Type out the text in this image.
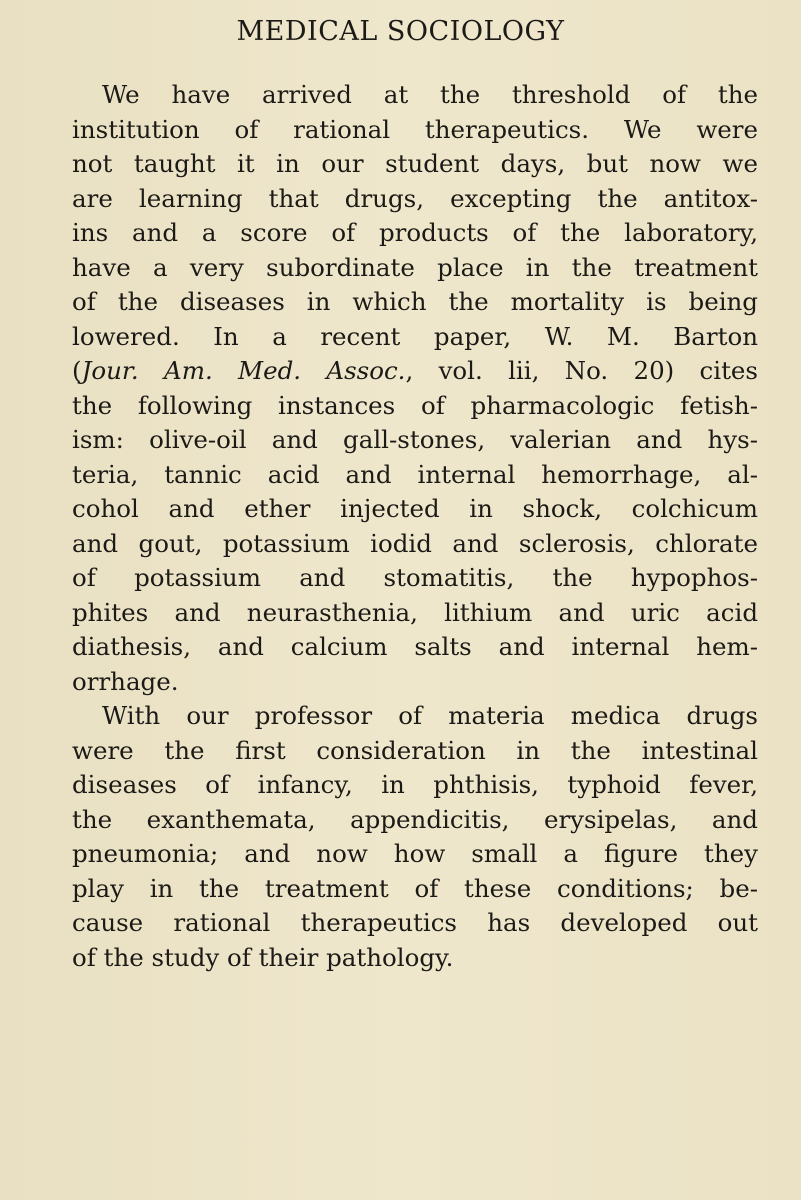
MEDICAL SOCIOLOGY
We have arrived at the threshold of the
institution of rational therapeutics. We were
not taught it in our student days, but now we
are learning that drugs, excepting the antitox-
ins and a score of products of the laboratory,
have a very subordinate place in the treatment
of the diseases in which the mortality is being
lowered. In a recent paper, W. M. Barton
(Jour. Am. Med. Assoc., vol. lii, No. 20) cites
the following instances of pharmacologic fetish-
ism: olive-oil and gall-stones, valerian and hys-
teria, tannic acid and internal hemorrhage, al-
cohol and ether injected in shock, colchicum
and gout, potassium iodid and sclerosis, chlorate
of potassium and stomatitis, the hypophos-
phites and neurasthenia, lithium and uric acid
diathesis, and calcium salts and internal hem-
orrhage.
With our professor of materia medica drugs
were the first consideration in the intestinal
diseases of infancy, in phthisis, typhoid fever,
the exanthemata, appendicitis, erysipelas, and
pneumonia; and now how small a figure they
play in the treatment of these conditions; be-
cause rational therapeutics has developed out
of the study of their pathology.
